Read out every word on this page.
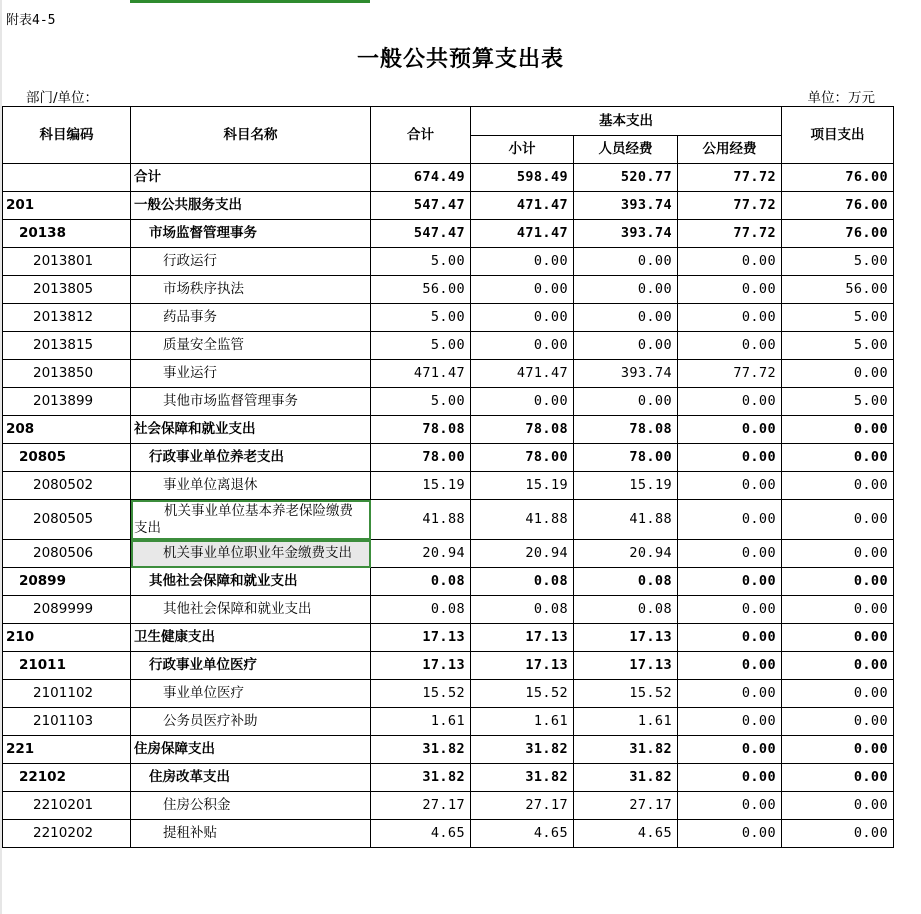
附表4-5
一般公共预算支出表
部门/单位：	单位：万元
科目编码	科目名称	合计	基本支出			项目支出
			小计	人员经费	公用经费	
	合计	674.49	598.49	520.77	77.72	76.00
201	一般公共服务支出	547.47	471.47	393.74	77.72	76.00
20138	市场监督管理事务	547.47	471.47	393.74	77.72	76.00
2013801	行政运行	5.00	0.00	0.00	0.00	5.00
2013805	市场秩序执法	56.00	0.00	0.00	0.00	56.00
2013812	药品事务	5.00	0.00	0.00	0.00	5.00
2013815	质量安全监管	5.00	0.00	0.00	0.00	5.00
2013850	事业运行	471.47	471.47	393.74	77.72	0.00
2013899	其他市场监督管理事务	5.00	0.00	0.00	0.00	5.00
208	社会保障和就业支出	78.08	78.08	78.08	0.00	0.00
20805	行政事业单位养老支出	78.00	78.00	78.00	0.00	0.00
2080502	事业单位离退休	15.19	15.19	15.19	0.00	0.00
2080505	机关事业单位基本养老保险缴费支出	41.88	41.88	41.88	0.00	0.00
2080506	机关事业单位职业年金缴费支出	20.94	20.94	20.94	0.00	0.00
20899	其他社会保障和就业支出	0.08	0.08	0.08	0.00	0.00
2089999	其他社会保障和就业支出	0.08	0.08	0.08	0.00	0.00
210	卫生健康支出	17.13	17.13	17.13	0.00	0.00
21011	行政事业单位医疗	17.13	17.13	17.13	0.00	0.00
2101102	事业单位医疗	15.52	15.52	15.52	0.00	0.00
2101103	公务员医疗补助	1.61	1.61	1.61	0.00	0.00
221	住房保障支出	31.82	31.82	31.82	0.00	0.00
22102	住房改革支出	31.82	31.82	31.82	0.00	0.00
2210201	住房公积金	27.17	27.17	27.17	0.00	0.00
2210202	提租补贴	4.65	4.65	4.65	0.00	0.00
